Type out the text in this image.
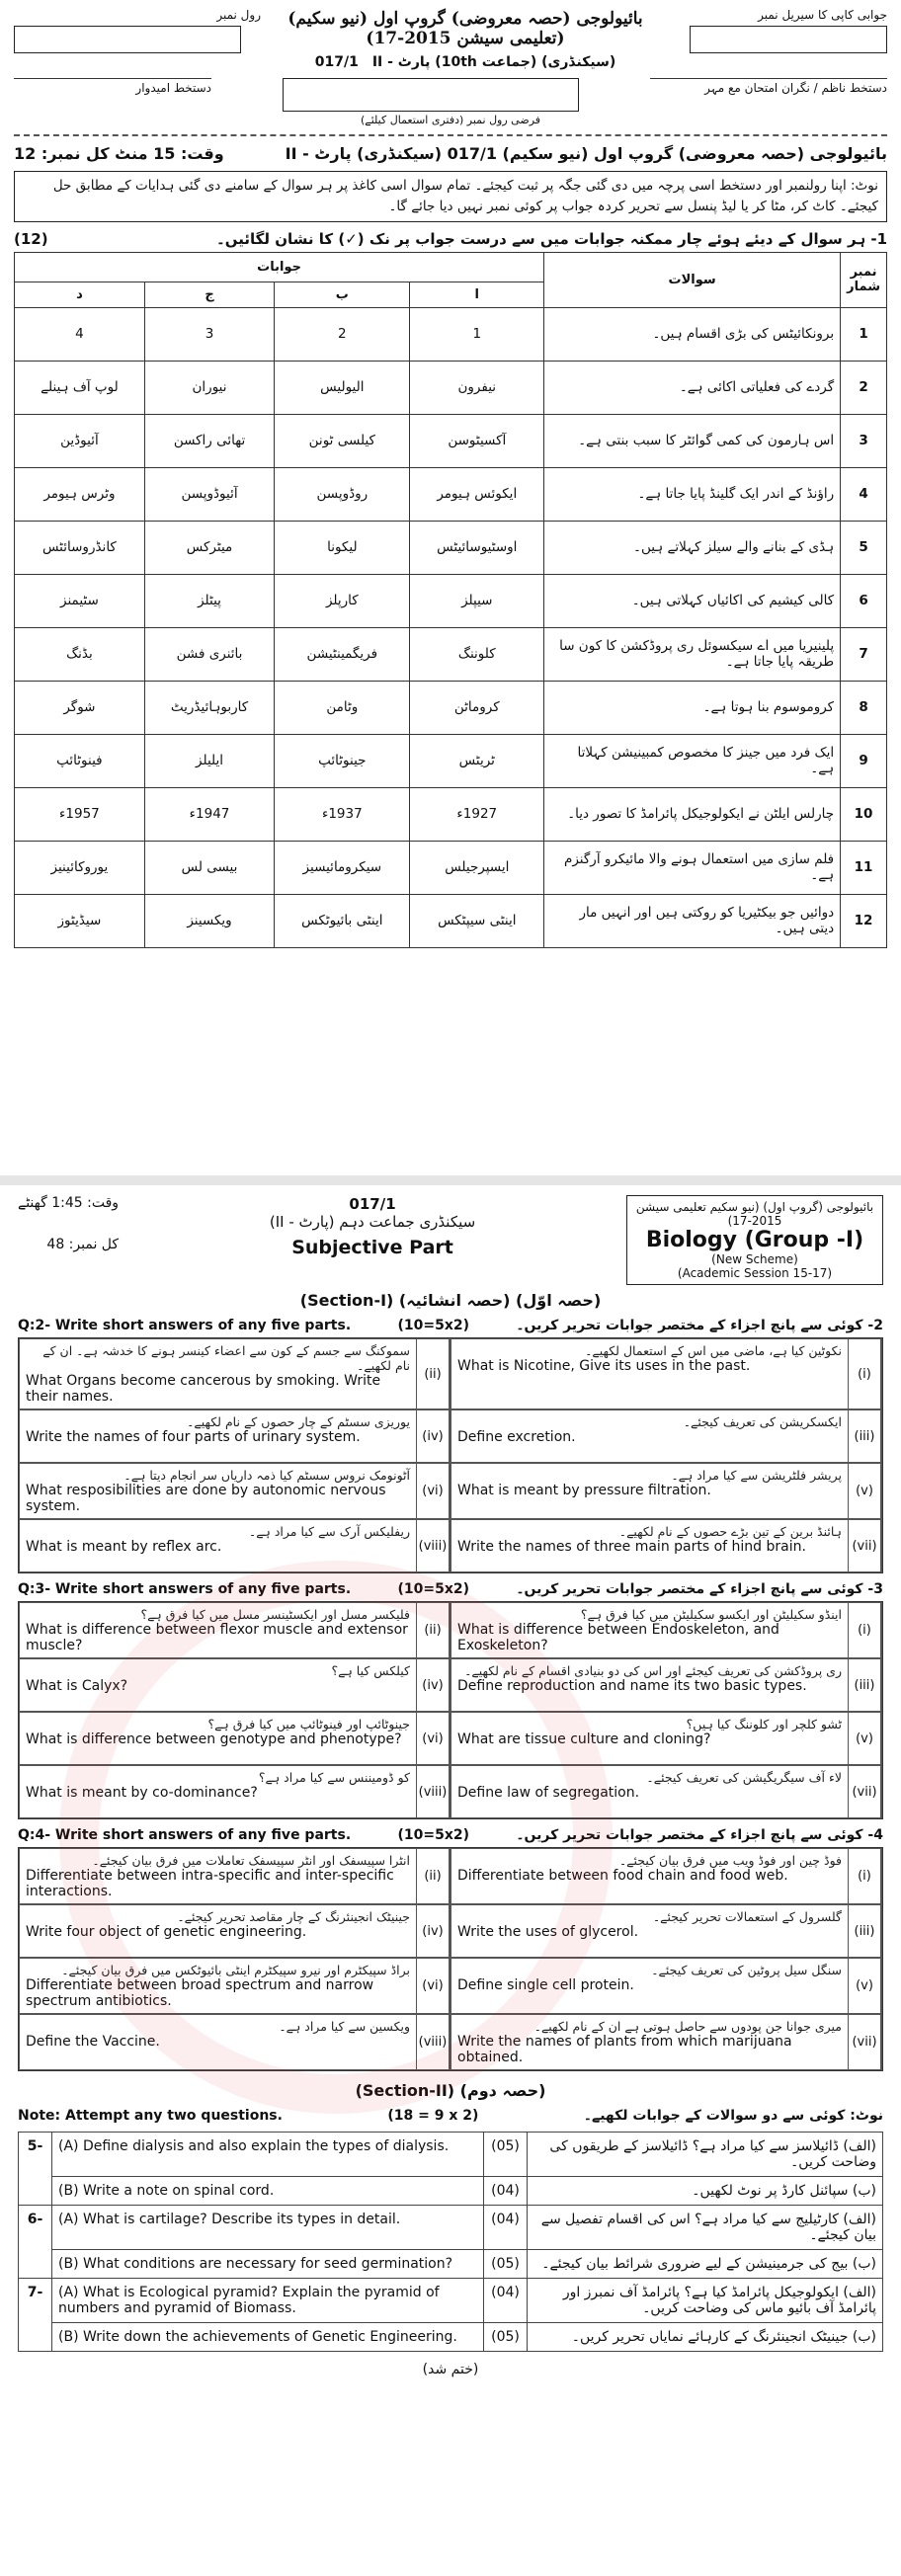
رول نمبر	بائیولوجی (حصہ معروضی) گروپ اول (نیو سکیم) (تعلیمی سیشن 2015-17)
017/1 (سیکنڈری) (جماعت 10th) پارٹ - II
جوابی کاپی کا سیریل نمبر
دستخط امیدوار	دستخط ناظم / نگران امتحان مع مہر
فرضی رول نمبر (دفتری استعمال کیلئے)
وقت: 15 منٹ کل نمبر: 12	بائیولوجی (حصہ معروضی) گروپ اول (نیو سکیم) 017/1 (سیکنڈری) پارٹ - II
نوٹ: اپنا رولنمبر اور دستخط اسی پرچہ میں دی گئی جگہ پر ثبت کیجئے۔ تمام سوال اسی کاغذ پر ہر سوال کے سامنے دی گئی ہدایات کے مطابق حل کیجئے۔ کاٹ کر، مٹا کر یا لیڈ پنسل سے تحریر کردہ جواب پر کوئی نمبر نہیں دیا جائے گا۔
(12)	1- ہر سوال کے دیئے ہوئے چار ممکنہ جوابات میں سے درست جواب پر نک (✓) کا نشان لگائیں۔
نمبر شمار	سوالات	جوابات			
		ا	ب	ج	د
1	برونکائیٹس کی بڑی اقسام ہیں۔	1	2	3	4
2	گردے کی فعلیاتی اکائی ہے۔	نیفرون	الیولیس	نیوران	لوپ آف ہینلے
3	اس ہارمون کی کمی گوائٹر کا سبب بنتی ہے۔	آکسیٹوسن	کیلسی ٹونن	تھائی راکسن	آئیوڈین
4	راؤنڈ کے اندر ایک گلینڈ پایا جاتا ہے۔	ایکوئس ہیومر	روڈوپسن	آئیوڈوپسن	وٹرس ہیومر
5	ہڈی کے بنانے والے سیلز کہلاتے ہیں۔	اوسٹیوسائیٹس	لیکونا	میٹرکس	کانڈروسائٹس
6	کالی کیشیم کی اکائیاں کہلاتی ہیں۔	سیپلز	کارپلز	پیٹلز	سٹیمنز
7	پلینیریا میں اے سیکسوئل ری پروڈکشن کا کون سا طریقہ پایا جاتا ہے۔	کلوننگ	فریگمینٹیشن	بائنری فشن	بڈنگ
8	کروموسوم بنا ہوتا ہے۔	کروماٹن	وٹامن	کاربوہائیڈریٹ	شوگر
9	ایک فرد میں جینز کا مخصوص کمبینیشن کہلاتا ہے۔	ٹریٹس	جینوٹائپ	ایلیلز	فینوٹائپ
10	چارلس ایلٹن نے ایکولوجیکل پائرامڈ کا تصور دیا۔	1927ء	1937ء	1947ء	1957ء
11	فلم سازی میں استعمال ہونے والا مائیکرو آرگنزم ہے۔	ایسپرجیلس	سیکرومائیسیز	بیسی لس	یوروکائینیز
12	دوائیں جو بیکٹیریا کو روکتی ہیں اور انہیں مار دیتی ہیں۔	اینٹی سیپٹکس	اینٹی بائیوٹکس	ویکسینز	سیڈیٹوز
وقت: 1:45 گھنٹے
کل نمبر: 48
017/1
سیکنڈری جماعت دہم (پارٹ - II)
Subjective Part
بائیولوجی (گروپ اول) (نیو سکیم تعلیمی سیشن 2015-17)
Biology (Group -I)
(New Scheme)
(Academic Session 15-17)
(Section-I) (حصہ انشائیہ) (حصہ اوّل)
Q:2- Write short answers of any five parts.	(10=5x2)	2- کوئی سے پانچ اجزاء کے مختصر جوابات تحریر کریں۔
سموکنگ سے جسم کے کون سے اعضاء کینسر ہونے کا خدشہ ہے۔ ان کے نام لکھیے۔
What Organs become cancerous by smoking. Write their names.
(ii)
نکوٹین کیا ہے، ماضی میں اس کے استعمال لکھیے۔
What is Nicotine, Give its uses in the past.	(i)
یوریزی سسٹم کے چار حصوں کے نام لکھیے۔
Write the names of four parts of urinary system.	(iv)
ایکسکریشن کی تعریف کیجئے۔
Define excretion.	(iii)
آٹونومک نروس سسٹم کیا ذمہ داریاں سر انجام دیتا ہے۔
What resposibilities are done by autonomic nervous system.
(vi)
پریشر فلٹریشن سے کیا مراد ہے۔
What is meant by pressure filtration.	(v)
ریفلیکس آرک سے کیا مراد ہے۔
What is meant by reflex arc.	(viii)
ہائنڈ برین کے تین بڑے حصوں کے نام لکھیے۔
Write the names of three main parts of hind brain.	(vii)
Q:3- Write short answers of any five parts.	(10=5x2)	3- کوئی سے پانچ اجزاء کے مختصر جوابات تحریر کریں۔
فلیکسر مسل اور ایکسٹینسر مسل میں کیا فرق ہے؟
What is difference between flexor muscle and extensor muscle?
(ii)
اینڈو سکیلیٹن اور ایکسو سکیلیٹن میں کیا فرق ہے؟
What is difference between Endoskeleton, and Exoskeleton?
(i)
کیلکس کیا ہے؟
What is Calyx?	(iv)
ری پروڈکشن کی تعریف کیجئے اور اس کی دو بنیادی اقسام کے نام لکھیے۔
Define reproduction and name its two basic types.	(iii)
جینوٹائپ اور فینوٹائپ میں کیا فرق ہے؟
What is difference between genotype and phenotype?	(vi)
ٹشو کلچر اور کلوننگ کیا ہیں؟
What are tissue culture and cloning?	(v)
کو ڈومیننس سے کیا مراد ہے؟
What is meant by co-dominance?	(viii)
لاء آف سیگریگیشن کی تعریف کیجئے۔
Define law of segregation.	(vii)
Q:4- Write short answers of any five parts.	(10=5x2)	4- کوئی سے پانچ اجزاء کے مختصر جوابات تحریر کریں۔
انٹرا سپیسفک اور انٹر سپیسفک تعاملات میں فرق بیان کیجئے۔
Differentiate between intra-specific and inter-specific interactions.
(ii)
فوڈ چین اور فوڈ ویب میں فرق بیان کیجئے۔
Differentiate between food chain and food web.	(i)
جینیٹک انجینئرنگ کے چار مقاصد تحریر کیجئے۔
Write four object of genetic engineering.	(iv)
گلسرول کے استعمالات تحریر کیجئے۔
Write the uses of glycerol.	(iii)
براڈ سپیکٹرم اور نیرو سپیکٹرم اینٹی بائیوٹکس میں فرق بیان کیجئے۔
Differentiate between broad spectrum and narrow spectrum antibiotics.
(vi)
سنگل سیل پروٹین کی تعریف کیجئے۔
Define single cell protein.	(v)
ویکسین سے کیا مراد ہے۔
Define the Vaccine.	(viii)
میری جوانا جن پودوں سے حاصل ہوتی ہے ان کے نام لکھیے۔
Write the names of plants from which marijuana obtained.
(vii)
(Section-II) (حصہ دوم)
Note: Attempt any two questions.	(18 = 9 x 2)	نوٹ: کوئی سے دو سوالات کے جوابات لکھیے۔
5-	(A) Define dialysis and also explain the types of dialysis.	(05)	(الف) ڈائیلاسز سے کیا مراد ہے؟ ڈائیلاسز کے طریقوں کی وضاحت کریں۔
	(B) Write a note on spinal cord.	(04)	(ب) سپائنل کارڈ پر نوٹ لکھیں۔
6-	(A) What is cartilage? Describe its types in detail.	(04)	(الف) کارٹیلیج سے کیا مراد ہے؟ اس کی اقسام تفصیل سے بیان کیجئے۔
	(B) What conditions are necessary for seed germination?	(05)	(ب) بیج کی جرمینیشن کے لیے ضروری شرائط بیان کیجئے۔
7-	(A) What is Ecological pyramid? Explain the pyramid of numbers and pyramid of Biomass.	(04)	(الف) ایکولوجیکل پائرامڈ کیا ہے؟ پائرامڈ آف نمبرز اور پائرامڈ آف بائیو ماس کی وضاحت کریں۔
	(B) Write down the achievements of Genetic Engineering.	(05)	(ب) جینیٹک انجینئرنگ کے کارہائے نمایاں تحریر کریں۔
(ختم شد)
